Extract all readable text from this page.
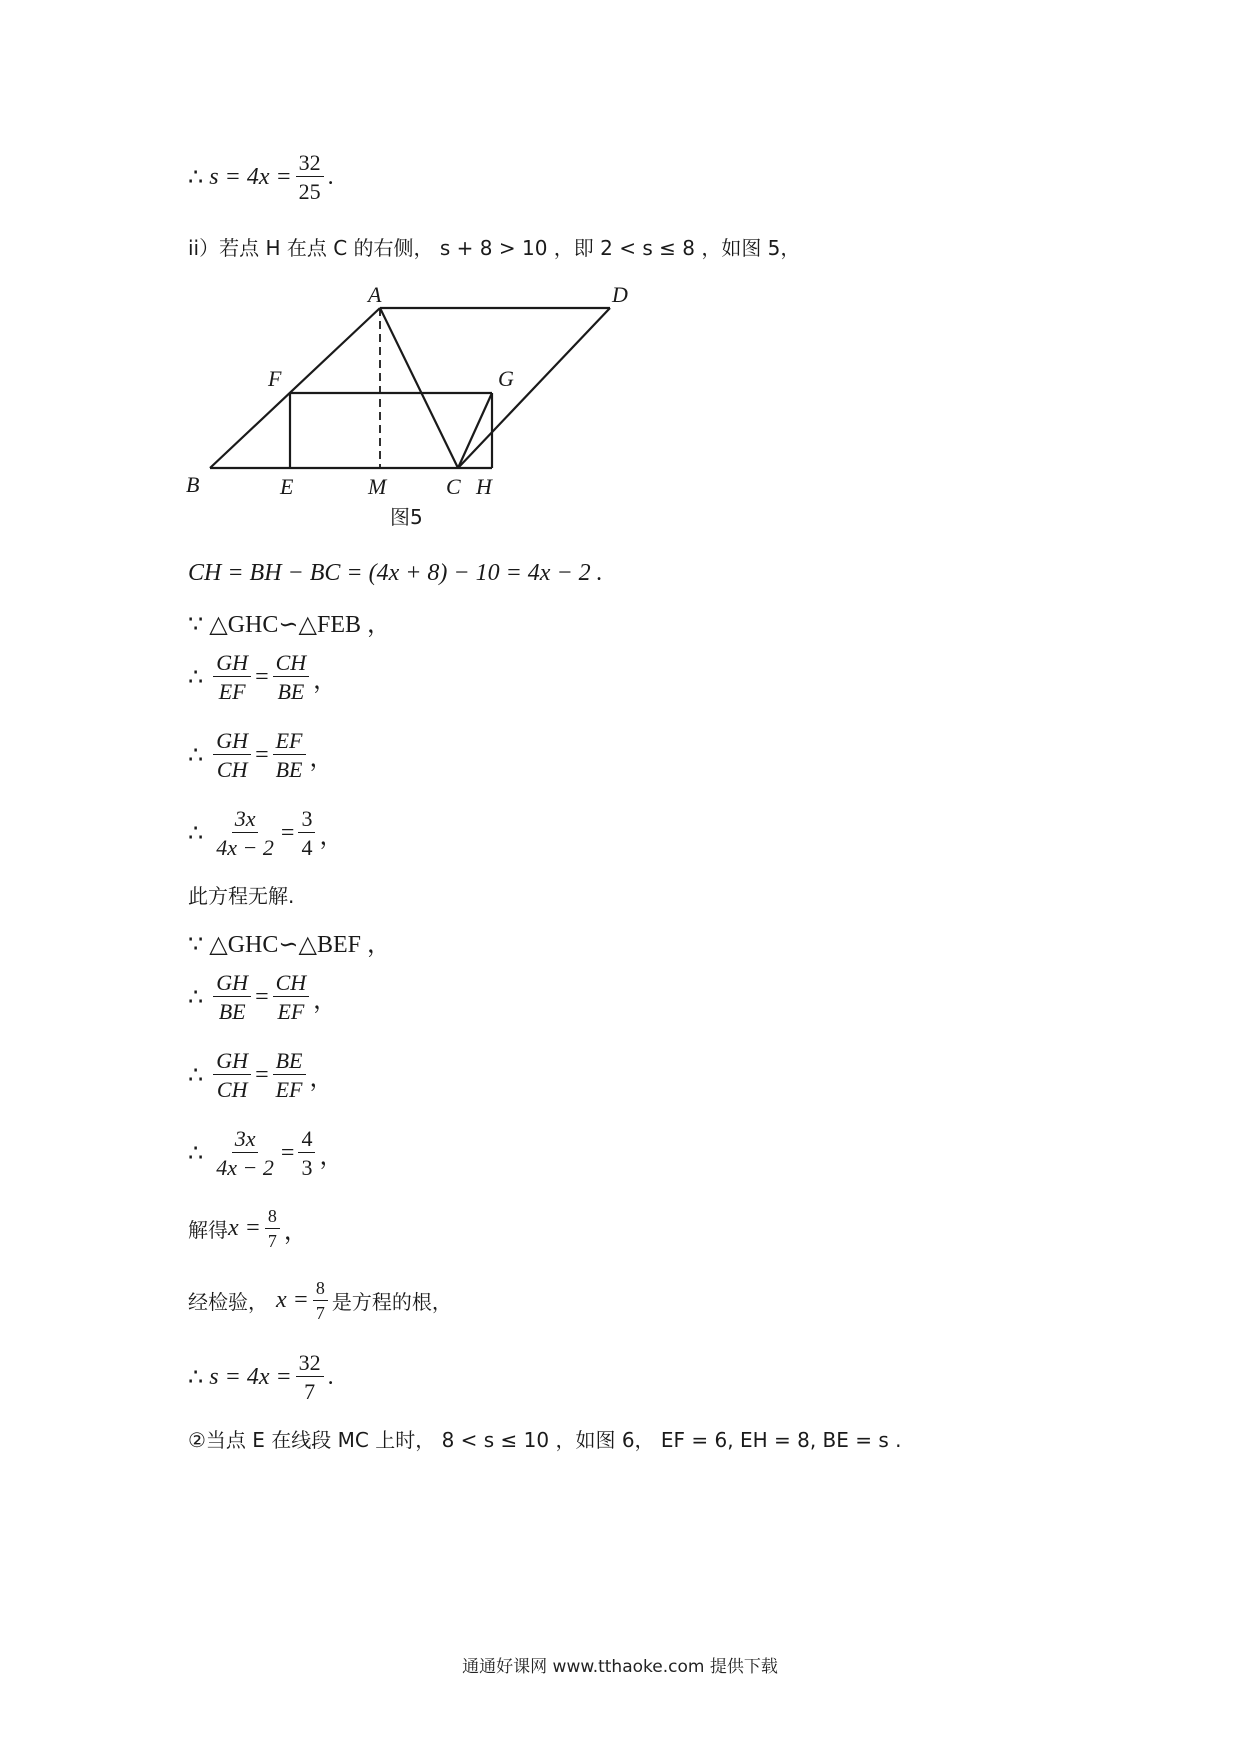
∴ $s = 4x = \frac{32}{25}$ .
ii）若点 H 在点 C 的右侧， s + 8 > 10 ，即 2 < s ≤ 8 ，如图 5，
A	D
F	G
B	E	M	C H
图5
CH = BH − BC = (4x + 8) − 10 = 4x − 2 .
∵ △GHC∽△FEB ，
∴ $\frac{GH}{EF} = \frac{CH}{BE}$ ，
∴ $\frac{GH}{CH} = \frac{EF}{BE}$ ，
∴ $\frac{3x}{4x - 2} = \frac{3}{4}$ ，
此方程无解.
∵ △GHC∽△BEF ，
∴ $\frac{GH}{BE} = \frac{CH}{EF}$ ，
∴ $\frac{GH}{CH} = \frac{BE}{EF}$ ，
∴ $\frac{3x}{4x - 2} = \frac{4}{3}$ ，
解得 $x = \frac{8}{7}$ ，
经检验， $x = \frac{8}{7}$ 是方程的根，
∴ $s = 4x = \frac{32}{7}$ .
②当点 E 在线段 MC 上时， 8 < s ≤ 10 ，如图 6， EF = 6, EH = 8, BE = s .
通通好课网 www.tthaoke.com 提供下载
